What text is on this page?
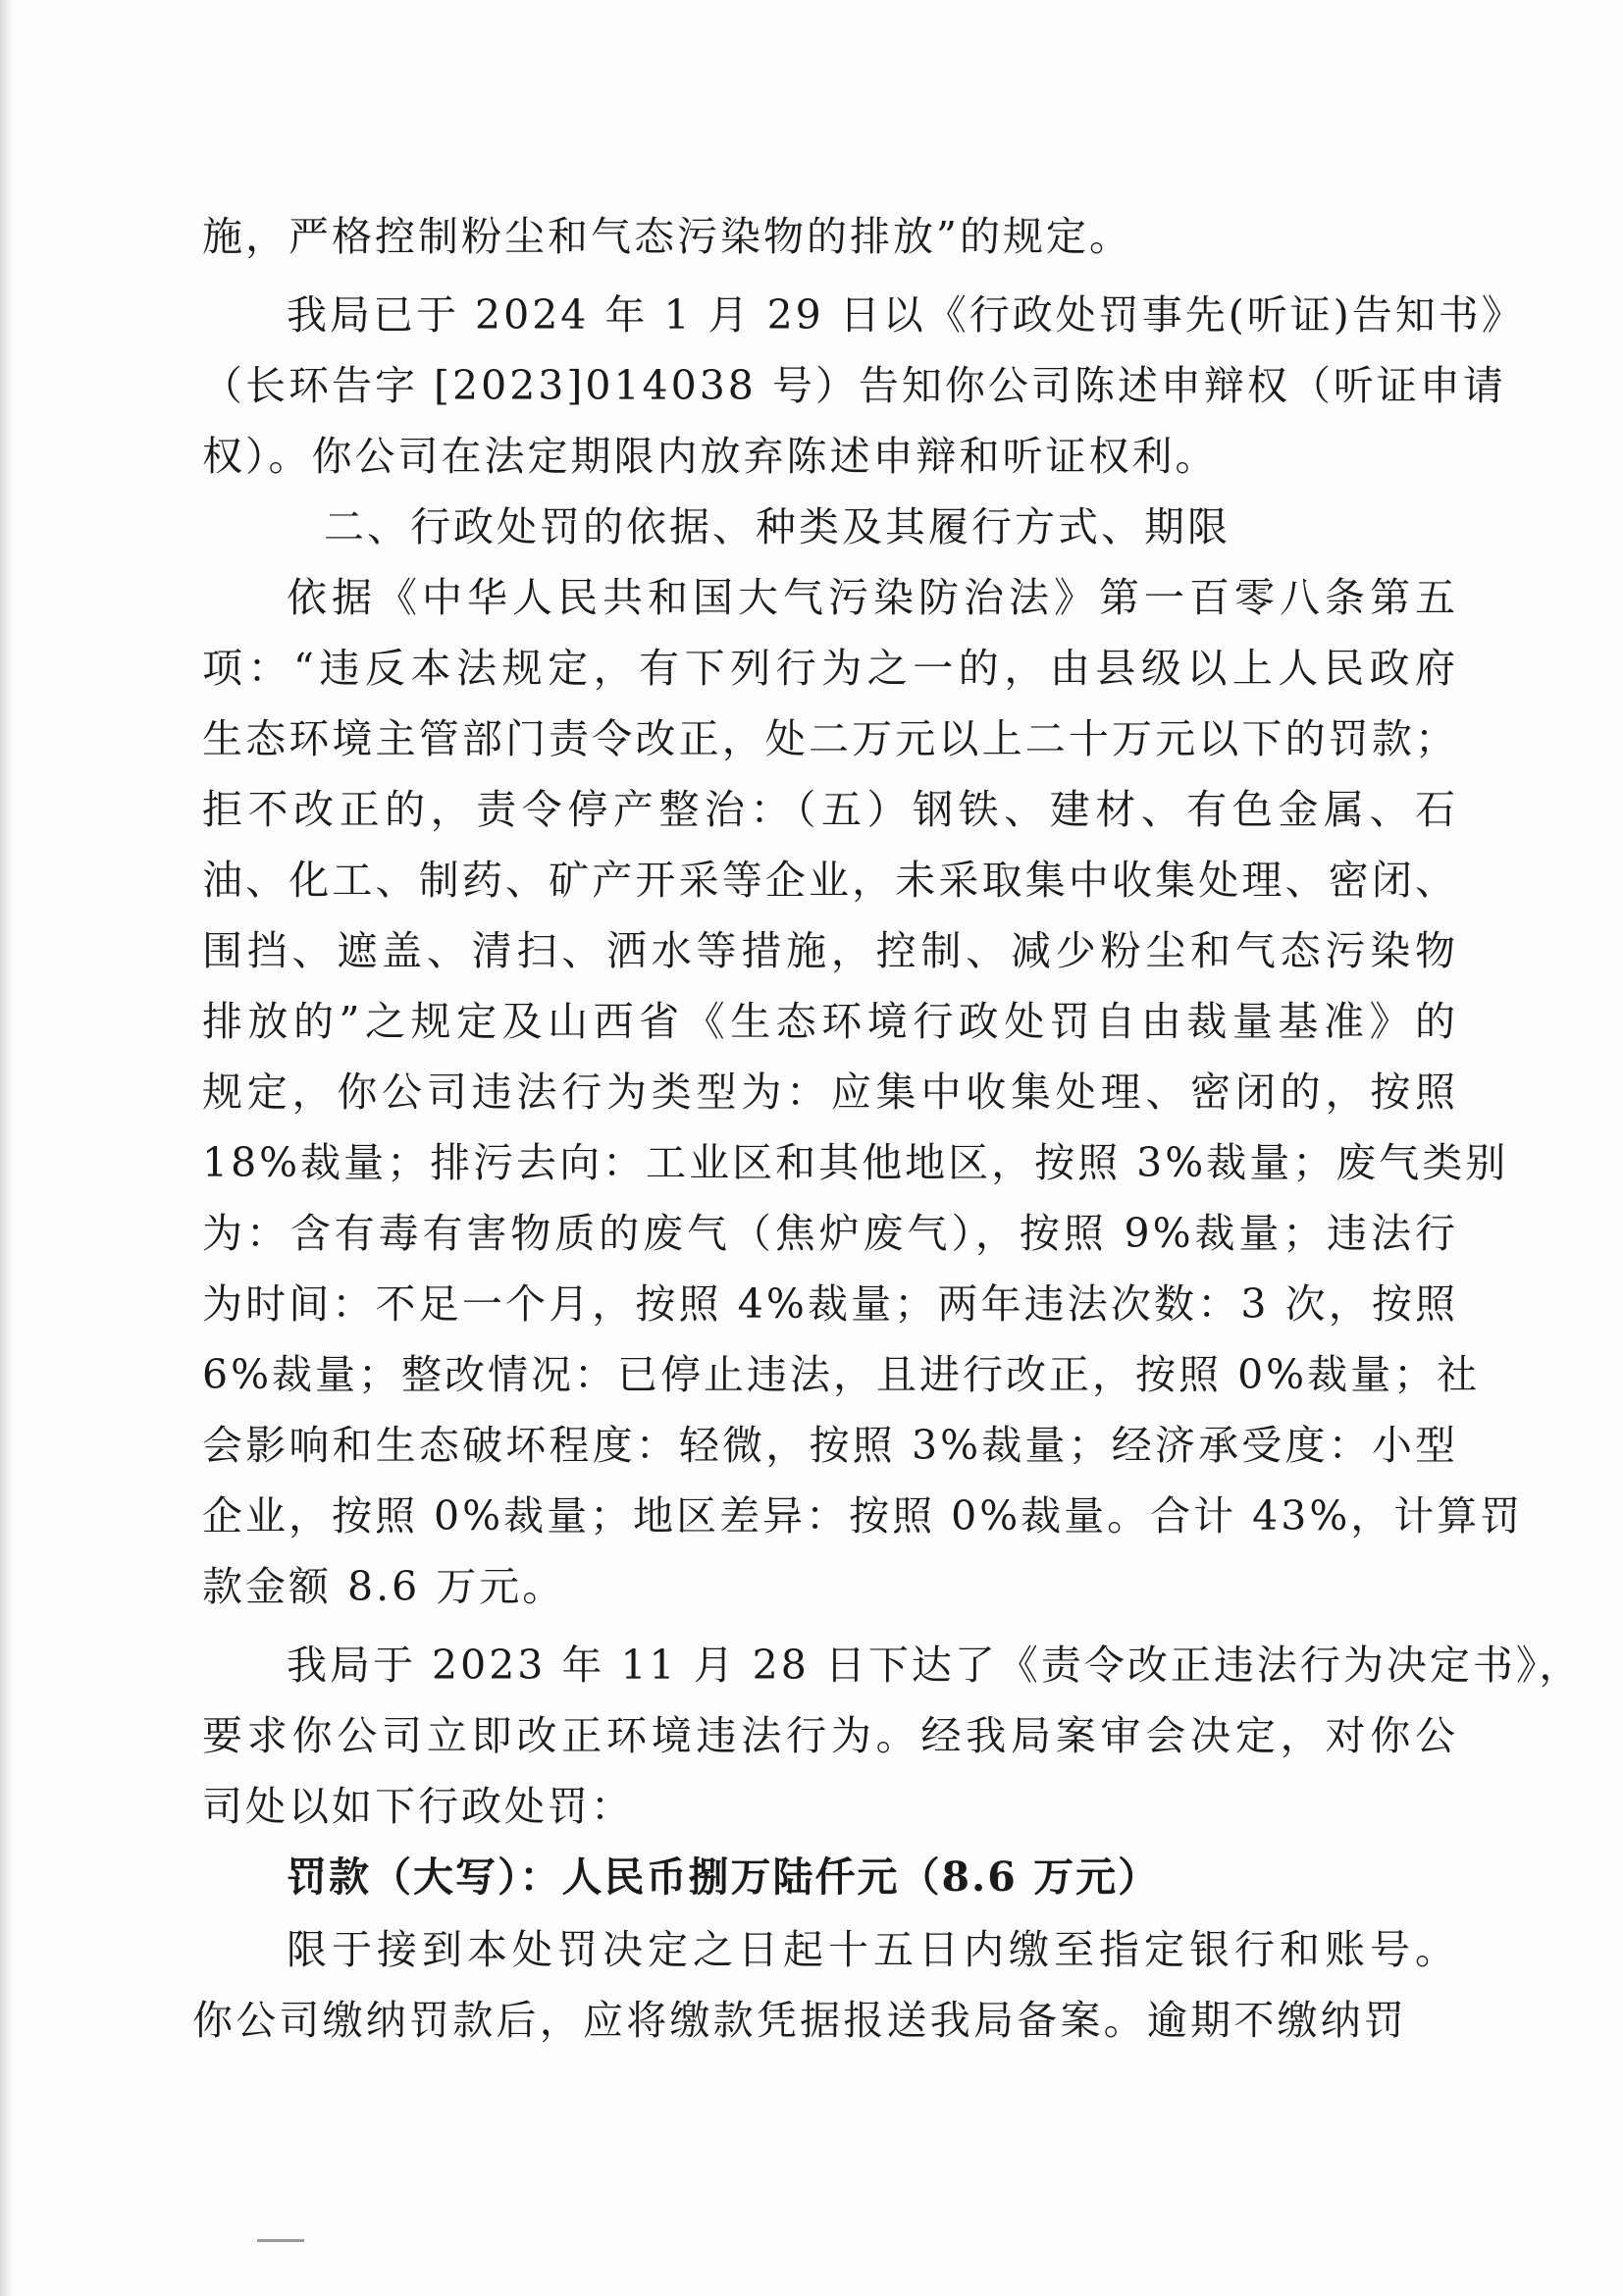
施，严格控制粉尘和气态污染物的排放”的规定。
我局已于 2024 年 1 月 29 日以《行政处罚事先(听证)告知书》
（长环告字 [2023]014038 号）告知你公司陈述申辩权（听证申请
权）。你公司在法定期限内放弃陈述申辩和听证权利。
二、行政处罚的依据、种类及其履行方式、期限
依据《中华人民共和国大气污染防治法》第一百零八条第五
项：“违反本法规定，有下列行为之一的，由县级以上人民政府
生态环境主管部门责令改正，处二万元以上二十万元以下的罚款；
拒不改正的，责令停产整治：（五）钢铁、建材、有色金属、石
油、化工、制药、矿产开采等企业，未采取集中收集处理、密闭、
围挡、遮盖、清扫、洒水等措施，控制、减少粉尘和气态污染物
排放的”之规定及山西省《生态环境行政处罚自由裁量基准》的
规定，你公司违法行为类型为：应集中收集处理、密闭的，按照
18%裁量；排污去向：工业区和其他地区，按照 3%裁量；废气类别
为：含有毒有害物质的废气（焦炉废气），按照 9%裁量；违法行
为时间：不足一个月，按照 4%裁量；两年违法次数：3 次，按照
6%裁量；整改情况：已停止违法，且进行改正，按照 0%裁量；社
会影响和生态破坏程度：轻微，按照 3%裁量；经济承受度：小型
企业，按照 0%裁量；地区差异：按照 0%裁量。合计 43%，计算罚
款金额 8.6 万元。
我局于 2023 年 11 月 28 日下达了《责令改正违法行为决定书》，
要求你公司立即改正环境违法行为。经我局案审会决定，对你公
司处以如下行政处罚：
罚款（大写）：人民币捌万陆仟元（8.6 万元）
限于接到本处罚决定之日起十五日内缴至指定银行和账号。
你公司缴纳罚款后，应将缴款凭据报送我局备案。逾期不缴纳罚
